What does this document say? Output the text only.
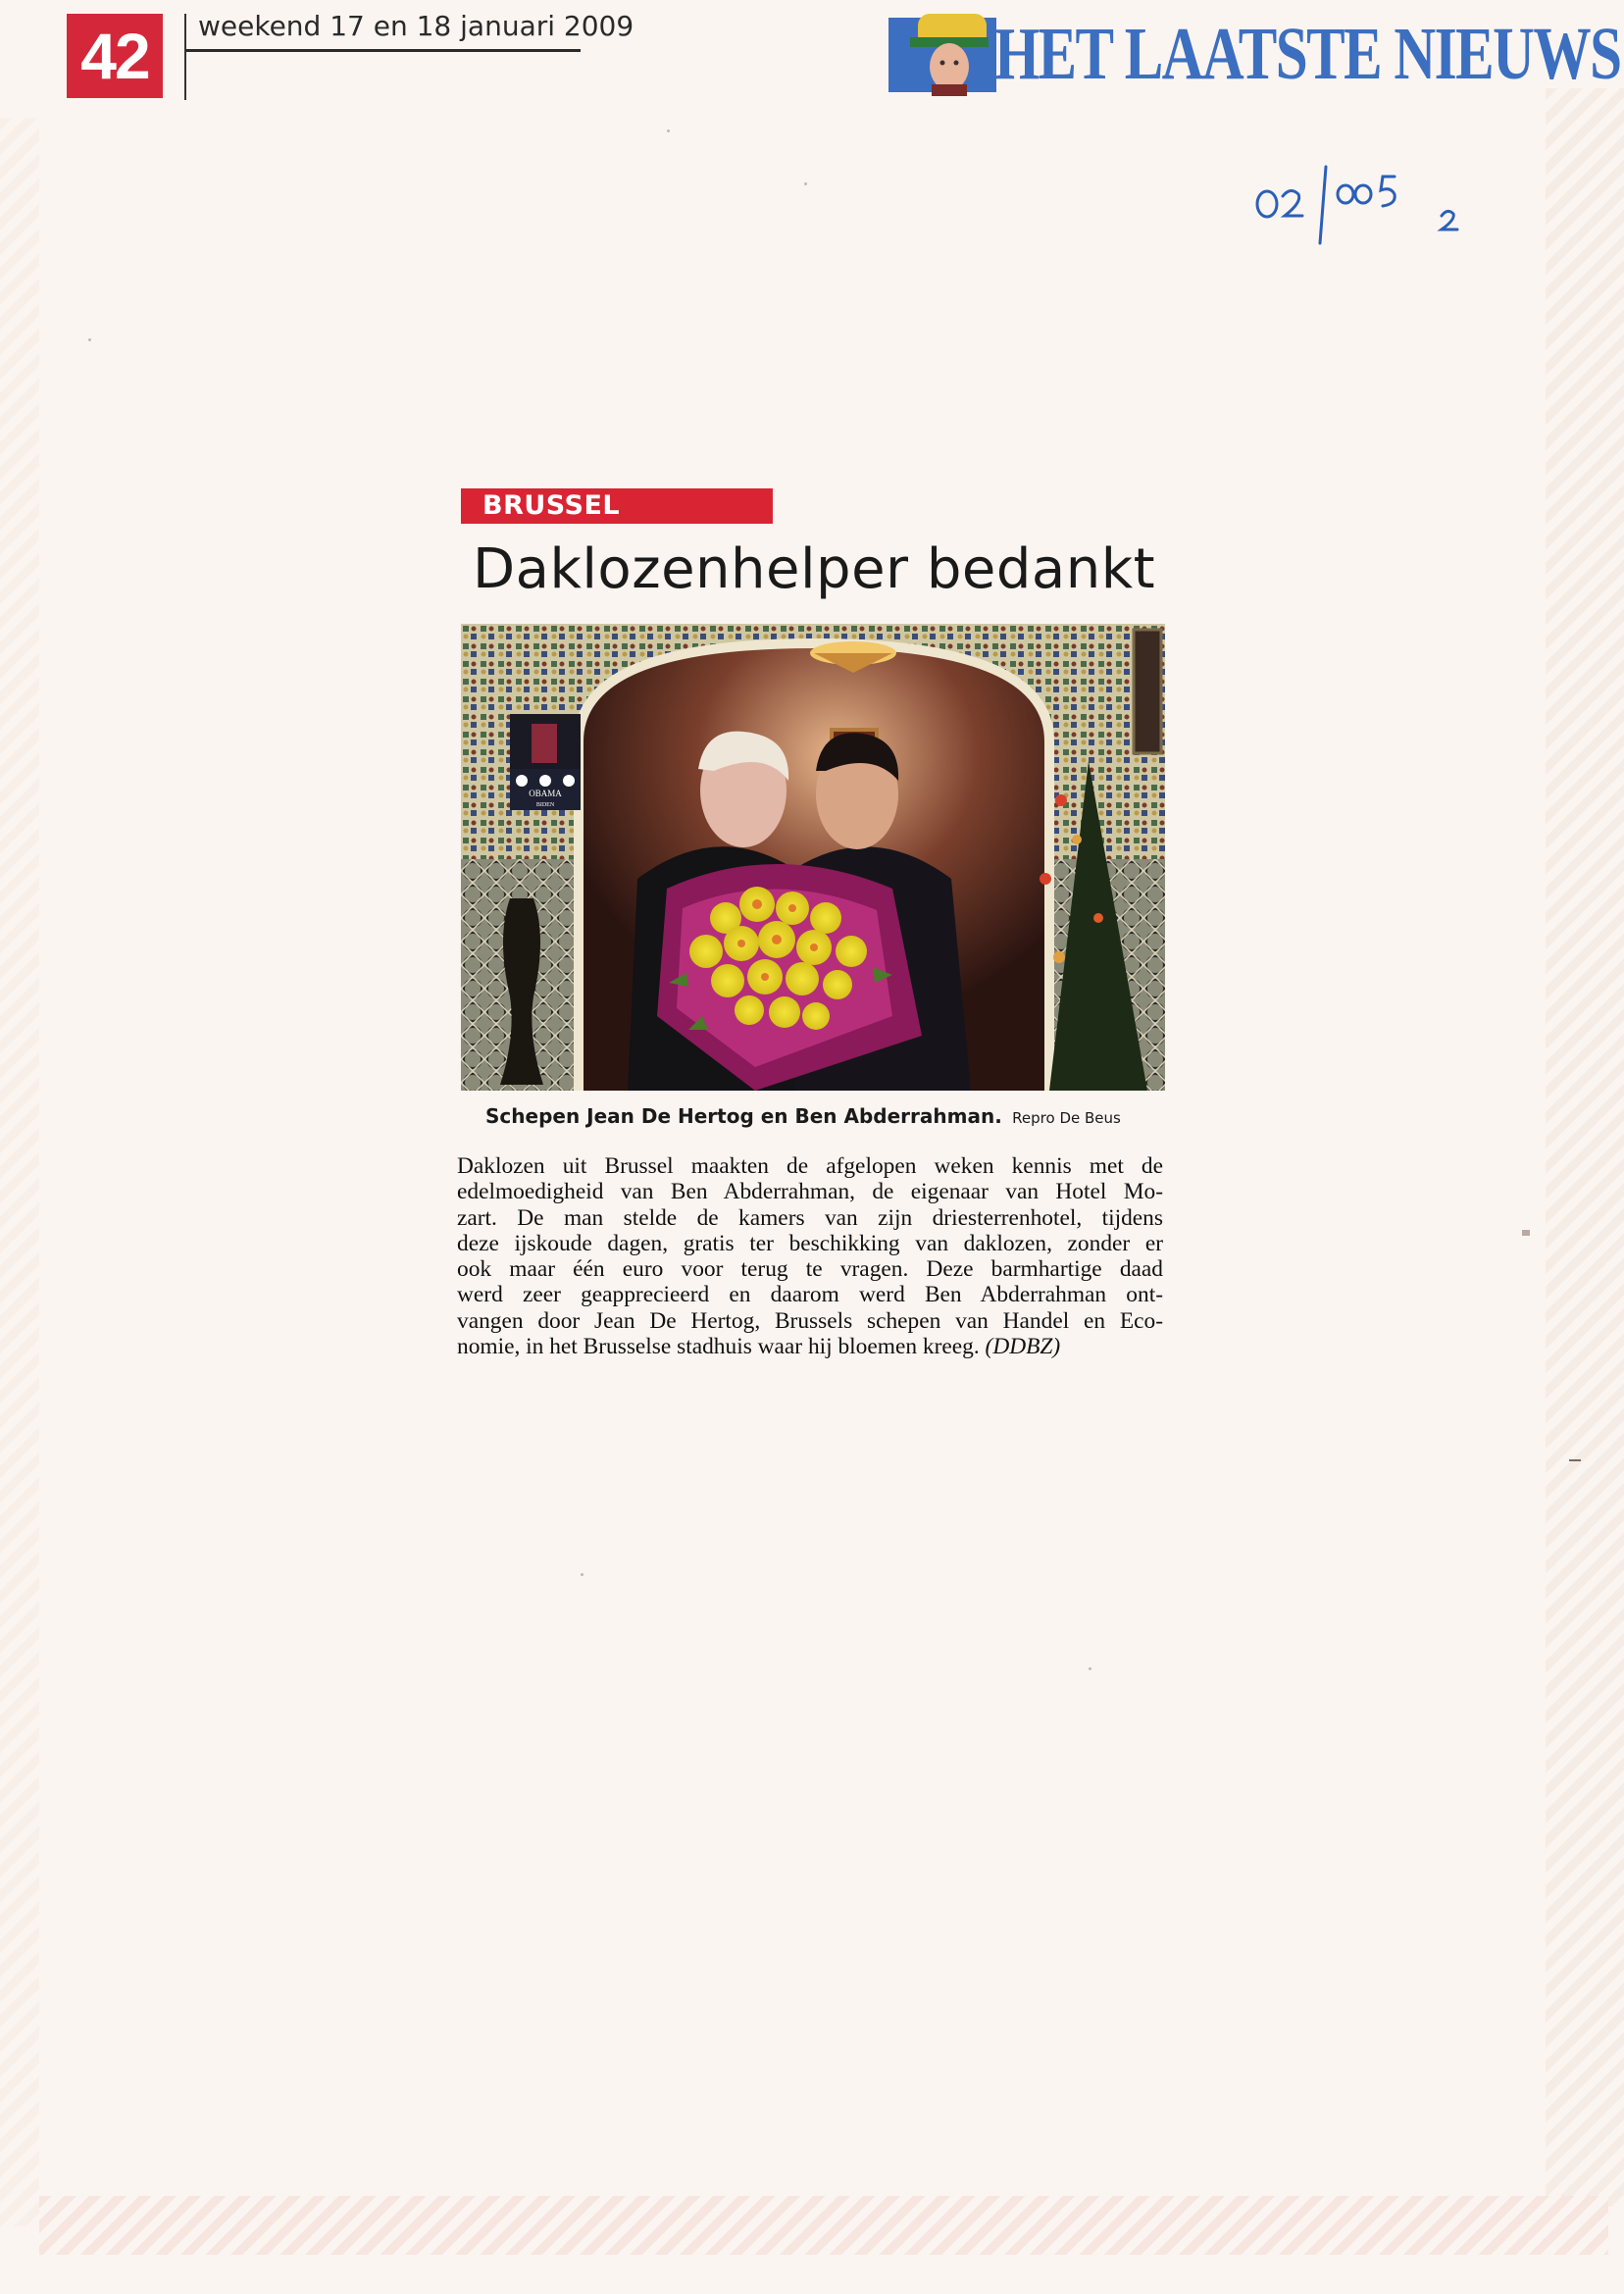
42	weekend 17 en 18 januari 2009	HET LAATSTE NIEUWS
BRUSSEL
Daklozenhelper bedankt
OBAMA
BIDEN
Schepen Jean De Hertog en Ben Abderrahman. Repro De Beus
Daklozen uit Brussel maakten de afgelopen weken kennis met de
edelmoedigheid van Ben Abderrahman, de eigenaar van Hotel Mo-
zart. De man stelde de kamers van zijn driesterrenhotel, tijdens
deze ijskoude dagen, gratis ter beschikking van daklozen, zonder er
ook maar één euro voor terug te vragen. Deze barmhartige daad
werd zeer geapprecieerd en daarom werd Ben Abderrahman ont-
vangen door Jean De Hertog, Brussels schepen van Handel en Eco-
nomie, in het Brusselse stadhuis waar hij bloemen kreeg. (DDBZ)
